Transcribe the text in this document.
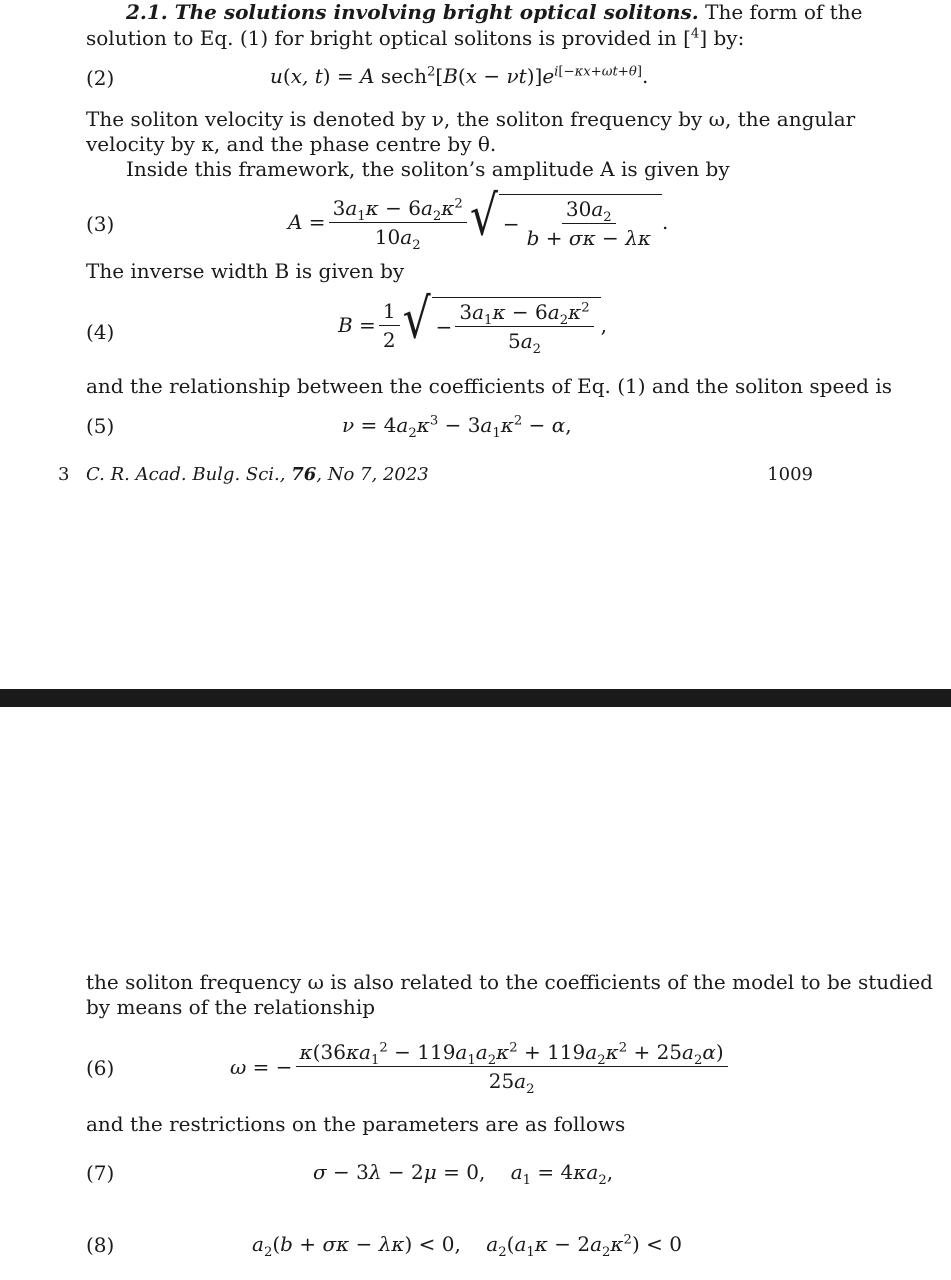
2.1. The solutions involving bright optical solitons. The form of the
solution to Eq. (1) for bright optical solitons is provided in [$^4$] by:
(2)	u(x, t) = A $\sec h^2[B(x - \nu t)]e^{i[-\kappa x+\omega t+\theta]}$.
The soliton velocity is denoted by ν, the soliton frequency by ω, the angular
velocity by κ, and the phase centre by θ.
Inside this framework, the soliton’s amplitude A is given by
(3)	$A = \frac{3a_1\kappa - 6a_2\kappa^2}{10a_2}$ √ − $\frac{30a_2}{b + \sigma\kappa - \lambda\kappa}$ .
The inverse width B is given by
(4)	$B = \frac{1}{2}$ √ − $\frac{3a_1\kappa - 6a_2\kappa^2}{5a_2}$ ,
and the relationship between the coefficients of Eq. (1) and the soliton speed is
(5)	$\nu = 4a_2\kappa^3 - 3a_1\kappa^2 - \alpha$,
3 C. R. Acad. Bulg. Sci., 76, No 7, 2023	1009
the soliton frequency ω is also related to the coefficients of the model to be studied
by means of the relationship
(6)	ω = − $\frac{\kappa(36\kappa a_1^2 - 119a_1a_2\kappa^2 + 119a_2\kappa^2 + 25a_2\alpha)}{25a_2}$
and the restrictions on the parameters are as follows
(7)	σ − 3λ − 2μ = 0,    $a_1 = 4\kappa a_2$,
(8)	$a_2(b + \sigma\kappa - \lambda\kappa) < 0$,    $a_2(a_1\kappa - 2a_2\kappa^2) < 0$
